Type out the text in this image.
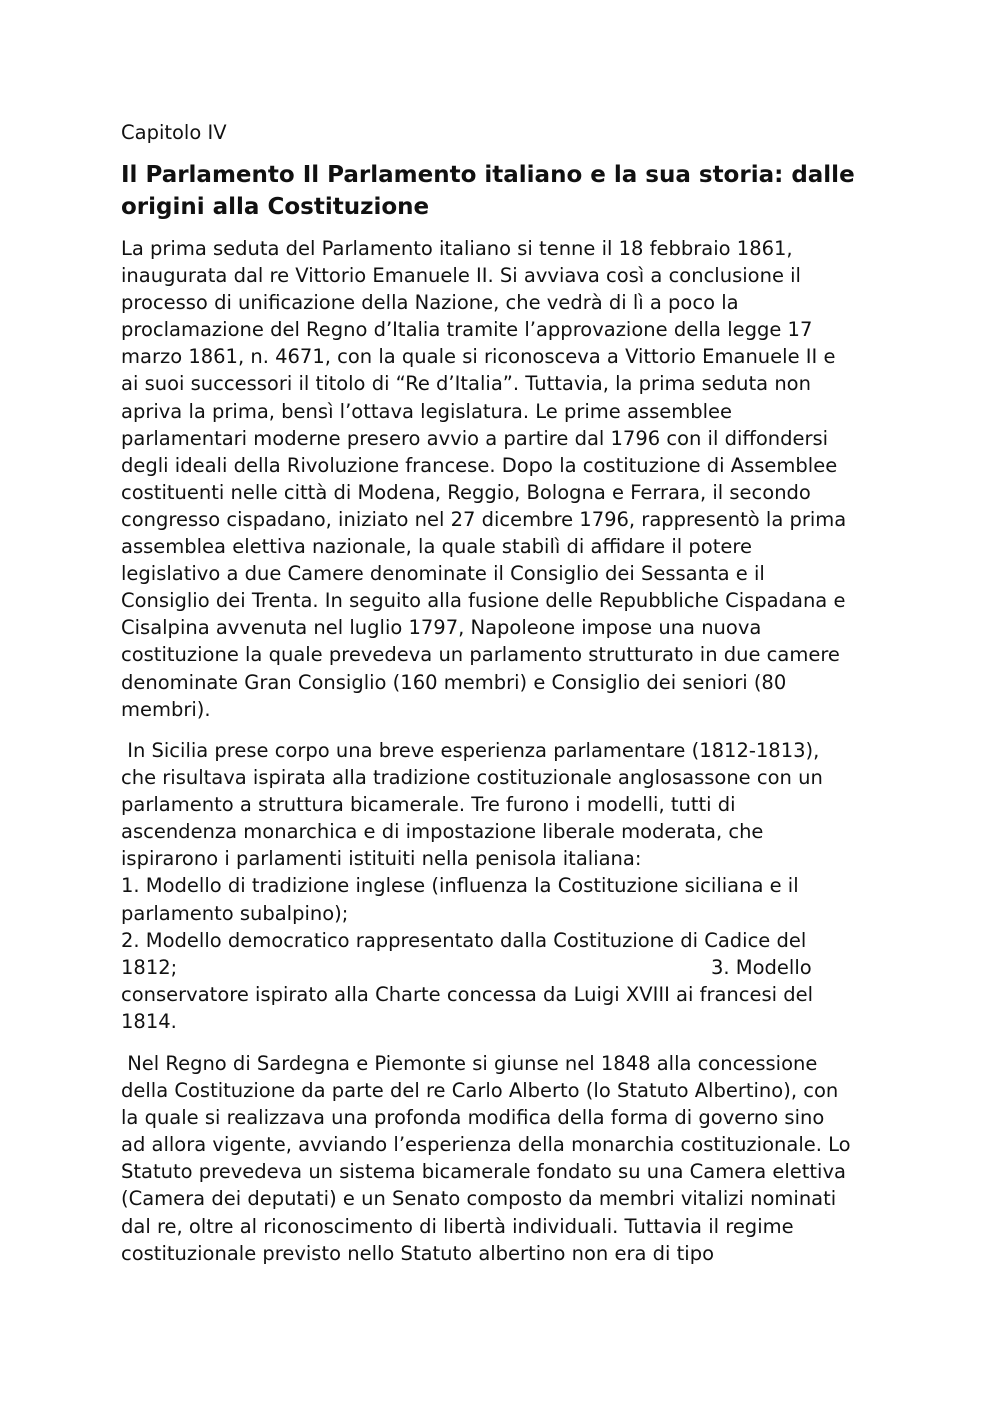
Capitolo IV
Il Parlamento Il Parlamento italiano e la sua storia: dalle
origini alla Costituzione
La prima seduta del Parlamento italiano si tenne il 18 febbraio 1861,
inaugurata dal re Vittorio Emanuele II. Si avviava così a conclusione il
processo di unificazione della Nazione, che vedrà di lì a poco la
proclamazione del Regno d’Italia tramite l’approvazione della legge 17
marzo 1861, n. 4671, con la quale si riconosceva a Vittorio Emanuele II e
ai suoi successori il titolo di “Re d’Italia”. Tuttavia, la prima seduta non
apriva la prima, bensì l’ottava legislatura. Le prime assemblee
parlamentari moderne presero avvio a partire dal 1796 con il diffondersi
degli ideali della Rivoluzione francese. Dopo la costituzione di Assemblee
costituenti nelle città di Modena, Reggio, Bologna e Ferrara, il secondo
congresso cispadano, iniziato nel 27 dicembre 1796, rappresentò la prima
assemblea elettiva nazionale, la quale stabilì di affidare il potere
legislativo a due Camere denominate il Consiglio dei Sessanta e il
Consiglio dei Trenta. In seguito alla fusione delle Repubbliche Cispadana e
Cisalpina avvenuta nel luglio 1797, Napoleone impose una nuova
costituzione la quale prevedeva un parlamento strutturato in due camere
denominate Gran Consiglio (160 membri) e Consiglio dei seniori (80
membri).
In Sicilia prese corpo una breve esperienza parlamentare (1812-1813),
che risultava ispirata alla tradizione costituzionale anglosassone con un
parlamento a struttura bicamerale. Tre furono i modelli, tutti di
ascendenza monarchica e di impostazione liberale moderata, che
ispirarono i parlamenti istituiti nella penisola italiana:
1. Modello di tradizione inglese (influenza la Costituzione siciliana e il
parlamento subalpino);
2. Modello democratico rappresentato dalla Costituzione di Cadice del
1812;	3. Modello
conservatore ispirato alla Charte concessa da Luigi XVIII ai francesi del
1814.
Nel Regno di Sardegna e Piemonte si giunse nel 1848 alla concessione
della Costituzione da parte del re Carlo Alberto (lo Statuto Albertino), con
la quale si realizzava una profonda modifica della forma di governo sino
ad allora vigente, avviando l’esperienza della monarchia costituzionale. Lo
Statuto prevedeva un sistema bicamerale fondato su una Camera elettiva
(Camera dei deputati) e un Senato composto da membri vitalizi nominati
dal re, oltre al riconoscimento di libertà individuali. Tuttavia il regime
costituzionale previsto nello Statuto albertino non era di tipo
